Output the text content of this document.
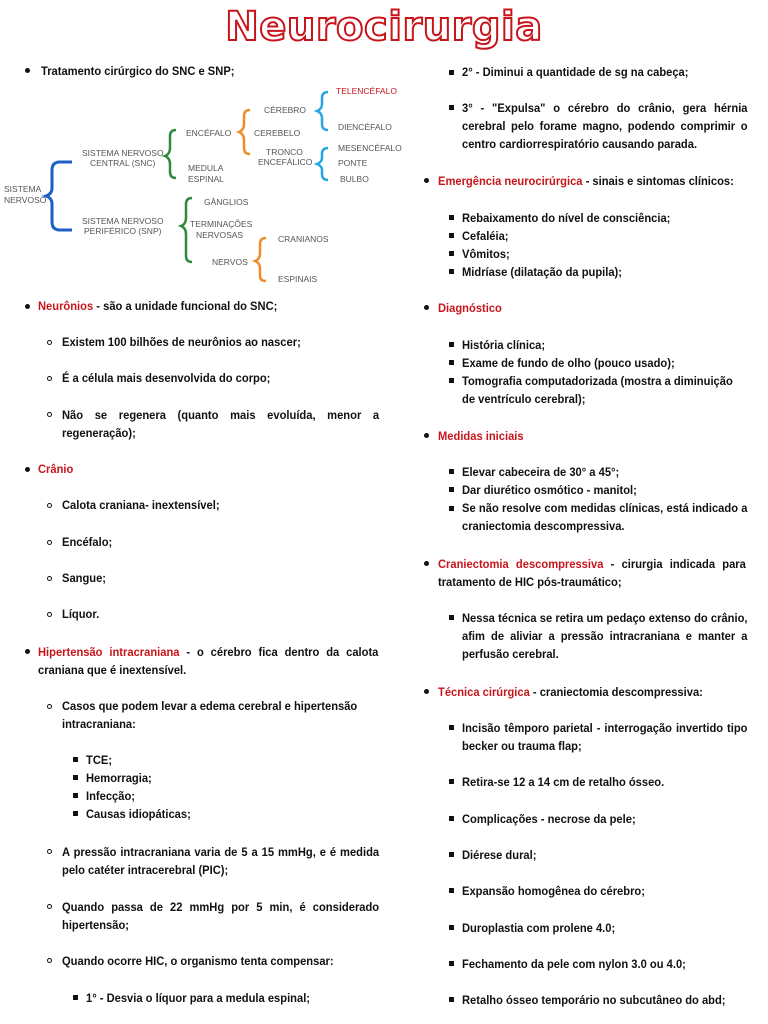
Neurocirurgia
Tratamento cirúrgico do SNC e SNP;
SISTEMA
NERVOSO
SISTEMA NERVOSO
CENTRAL (SNC)
SISTEMA NERVOSO
PERIFÉRICO (SNP)
ENCÉFALO
MEDULA
ESPINAL
CÉREBRO
CEREBELO
TRONCO
ENCEFÁLICO
TELENCÉFALO
DIENCÉFALO
MESENCÉFALO
PONTE
BULBO
GÂNGLIOS
TERMINAÇÕES
NERVOSAS
NERVOS
CRANIANOS
ESPINAIS
Neurônios - são a unidade funcional do SNC;
Existem 100 bilhões de neurônios ao nascer;
É a célula mais desenvolvida do corpo;
Não se regenera (quanto mais evoluída, menor a regeneração);
Crânio
Calota craniana- inextensível;
Encéfalo;
Sangue;
Líquor.
Hipertensão intracraniana - o cérebro fica dentro da calota craniana que é inextensível.
Casos que podem levar a edema cerebral e hipertensão intracraniana:
TCE;
Hemorragia;
Infecção;
Causas idiopáticas;
A pressão intracraniana varia de 5 a 15 mmHg, e é medida pelo catéter intracerebral (PIC);
Quando passa de 22 mmHg por 5 min, é considerado hipertensão;
Quando ocorre HIC, o organismo tenta compensar:
1° - Desvia o líquor para a medula espinal;
2° - Diminui a quantidade de sg na cabeça;
3° - "Expulsa" o cérebro do crânio, gera hérnia cerebral pelo forame magno, podendo comprimir o centro cardiorrespiratório causando parada.
Emergência neurocirúrgica - sinais e sintomas clínicos:
Rebaixamento do nível de consciência;
Cefaléia;
Vômitos;
Midríase (dilatação da pupila);
Diagnóstico
História clínica;
Exame de fundo de olho (pouco usado);
Tomografia computadorizada (mostra a diminuição de ventrículo cerebral);
Medidas iniciais
Elevar cabeceira de 30° a 45°;
Dar diurético osmótico - manitol;
Se não resolve com medidas clínicas, está indicado a craniectomia descompressiva.
Craniectomia descompressiva - cirurgia indicada para tratamento de HIC pós-traumático;
Nessa técnica se retira um pedaço extenso do crânio, afim de aliviar a pressão intracraniana e manter a perfusão cerebral.
Técnica cirúrgica - craniectomia descompressiva:
Incisão têmporo parietal - interrogação invertido tipo becker ou trauma flap;
Retira-se 12 a 14 cm de retalho ósseo.
Complicações - necrose da pele;
Diérese dural;
Expansão homogênea do cérebro;
Duroplastia com prolene 4.0;
Fechamento da pele com nylon 3.0 ou 4.0;
Retalho ósseo temporário no subcutâneo do abd;
